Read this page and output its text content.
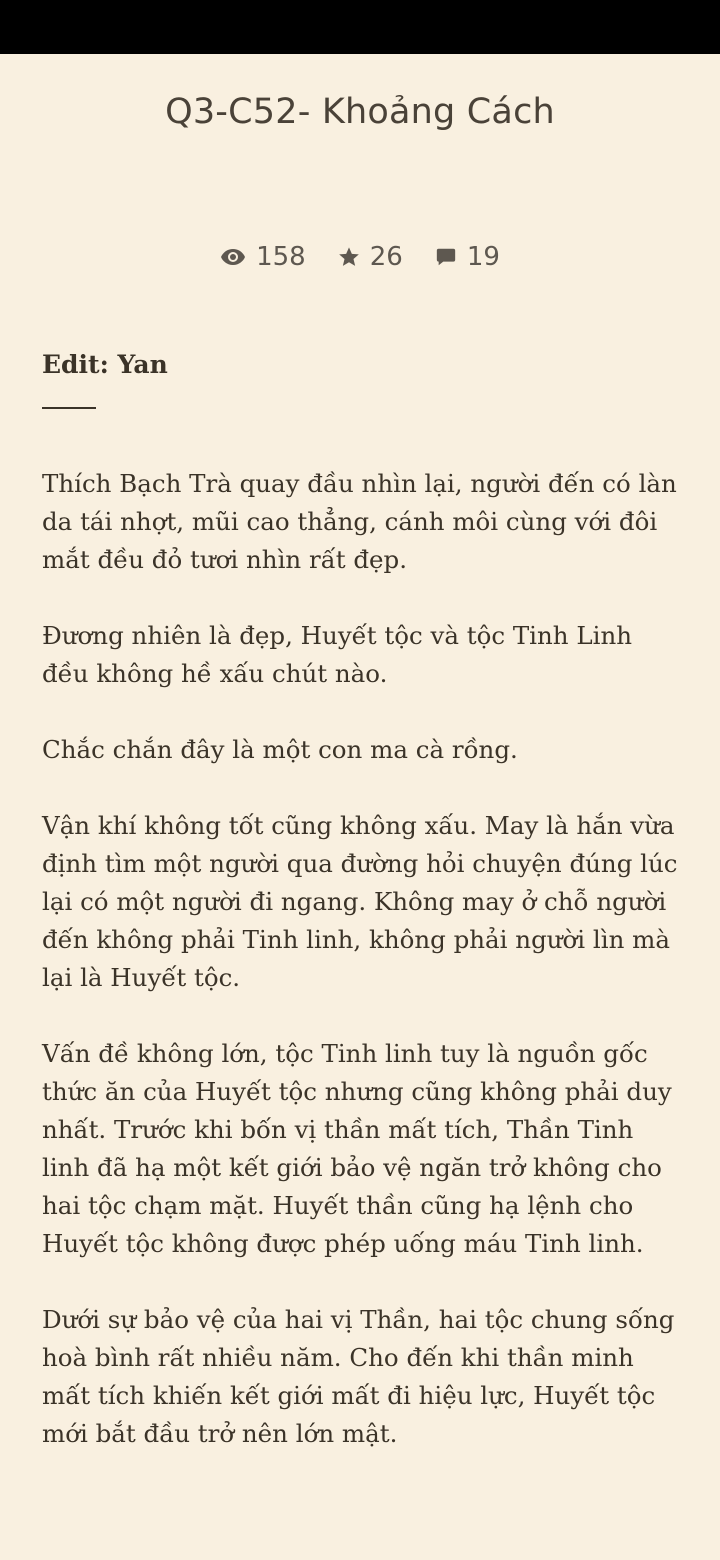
Q3-C52- Khoảng Cách
158 26 19
Edit: Yan

Thích Bạch Trà quay đầu nhìn lại, người đến có làn da tái nhợt, mũi cao thẳng, cánh môi cùng với đôi mắt đều đỏ tươi nhìn rất đẹp.

Đương nhiên là đẹp, Huyết tộc và tộc Tinh Linh đều không hề xấu chút nào.

Chắc chắn đây là một con ma cà rồng.

Vận khí không tốt cũng không xấu. May là hắn vừa định tìm một người qua đường hỏi chuyện đúng lúc lại có một người đi ngang. Không may ở chỗ người đến không phải Tinh linh, không phải người lìn mà lại là Huyết tộc.

Vấn đề không lớn, tộc Tinh linh tuy là nguồn gốc thức ăn của Huyết tộc nhưng cũng không phải duy nhất. Trước khi bốn vị thần mất tích, Thần Tinh linh đã hạ một kết giới bảo vệ ngăn trở không cho hai tộc chạm mặt. Huyết thần cũng hạ lệnh cho Huyết tộc không được phép uống máu Tinh linh.

Dưới sự bảo vệ của hai vị Thần, hai tộc chung sống hoà bình rất nhiều năm. Cho đến khi thần minh mất tích khiến kết giới mất đi hiệu lực, Huyết tộc mới bắt đầu trở nên lớn mật.
